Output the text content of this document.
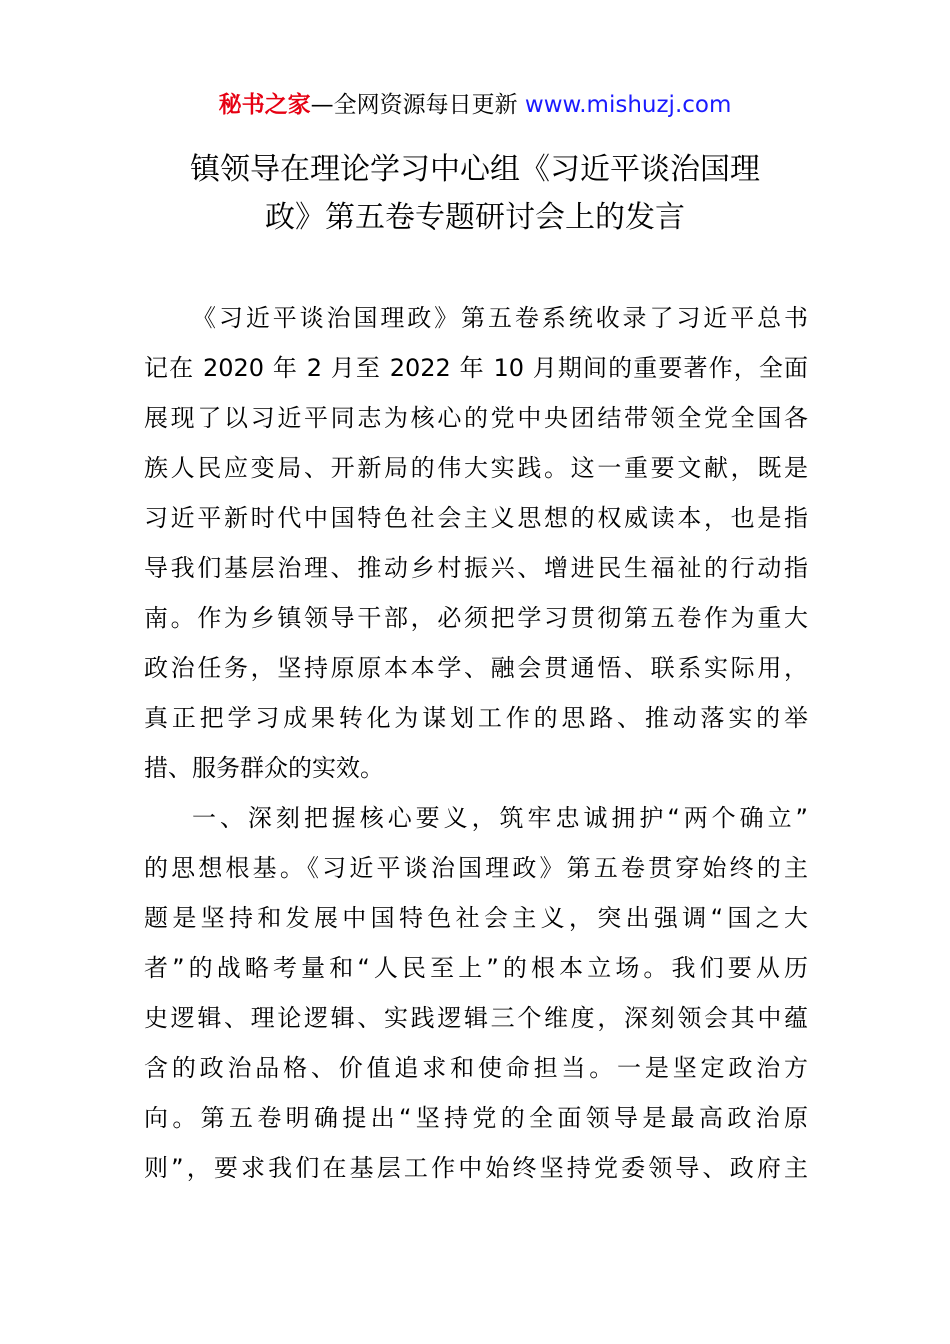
秘书之家—全网资源每日更新 www.mishuzj.com
镇领导在理论学习中心组《习近平谈治国理
政》第五卷专题研讨会上的发言
《习近平谈治国理政》第五卷系统收录了习近平总书
记在 2020 年 2 月至 2022 年 10 月期间的重要著作，全面
展现了以习近平同志为核心的党中央团结带领全党全国各
族人民应变局、开新局的伟大实践。这一重要文献，既是
习近平新时代中国特色社会主义思想的权威读本，也是指
导我们基层治理、推动乡村振兴、增进民生福祉的行动指
南。作为乡镇领导干部，必须把学习贯彻第五卷作为重大
政治任务，坚持原原本本学、融会贯通悟、联系实际用，
真正把学习成果转化为谋划工作的思路、推动落实的举
措、服务群众的实效。
一、深刻把握核心要义，筑牢忠诚拥护“两个确立”
的思想根基。《习近平谈治国理政》第五卷贯穿始终的主
题是坚持和发展中国特色社会主义，突出强调“国之大
者”的战略考量和“人民至上”的根本立场。我们要从历
史逻辑、理论逻辑、实践逻辑三个维度，深刻领会其中蕴
含的政治品格、价值追求和使命担当。一是坚定政治方
向。第五卷明确提出“坚持党的全面领导是最高政治原
则”，要求我们在基层工作中始终坚持党委领导、政府主
